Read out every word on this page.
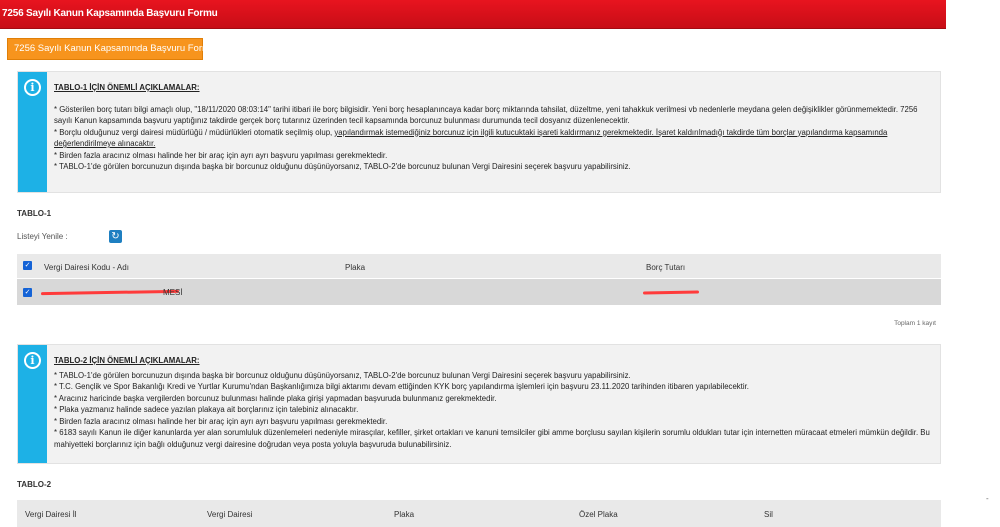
7256 Sayılı Kanun Kapsamında Başvuru Formu
7256 Sayılı Kanun Kapsamında Başvuru Formu
i	TABLO-1 İÇİN ÖNEMLİ AÇIKLAMALAR:

* Gösterilen borç tutarı bilgi amaçlı olup, "18/11/2020 08:03:14" tarihi itibari ile borç bilgisidir. Yeni borç hesaplanıncaya kadar borç miktarında tahsilat, düzeltme, yeni tahakkuk verilmesi vb nedenlerle meydana gelen değişiklikler görünmemektedir. 7256 sayılı Kanun kapsamında başvuru yaptığınız takdirde gerçek borç tutarınız üzerinden tecil kapsamında borcunuz bulunması durumunda tecil dosyanız düzenlenecektir.

* Borçlu olduğunuz vergi dairesi müdürlüğü / müdürlükleri otomatik seçilmiş olup, yapılandırmak istemediğiniz borcunuz için ilgili kutucuktaki işareti kaldırmanız gerekmektedir. İşaret kaldırılmadığı takdirde tüm borçlar yapılandırma kapsamında değerlendirilmeye alınacaktır.

* Birden fazla aracınız olması halinde her bir araç için ayrı ayrı başvuru yapılması gerekmektedir.

* TABLO-1'de görülen borcunuzun dışında başka bir borcunuz olduğunu düşünüyorsanız, TABLO-2'de borcunuz bulunan Vergi Dairesini seçerek başvuru yapabilirsiniz.

TABLO-1
Listeyi Yenile :	↻
✓ Vergi Dairesi Kodu - Adı	Plaka	Borç Tutarı
✓	MESİ
Toplam 1 kayıt
i	TABLO-2 İÇİN ÖNEMLİ AÇIKLAMALAR:

* TABLO-1'de görülen borcunuzun dışında başka bir borcunuz olduğunu düşünüyorsanız, TABLO-2'de borcunuz bulunan Vergi Dairesini seçerek başvuru yapabilirsiniz.

* T.C. Gençlik ve Spor Bakanlığı Kredi ve Yurtlar Kurumu'ndan Başkanlığımıza bilgi aktarımı devam ettiğinden KYK borç yapılandırma işlemleri için başvuru 23.11.2020 tarihinden itibaren yapılabilecektir.

* Aracınız haricinde başka vergilerden borcunuz bulunması halinde plaka girişi yapmadan başvuruda bulunmanız gerekmektedir.

* Plaka yazmanız halinde sadece yazılan plakaya ait borçlarınız için talebiniz alınacaktır.

* Birden fazla aracınız olması halinde her bir araç için ayrı ayrı başvuru yapılması gerekmektedir.

* 6183 sayılı Kanun ile diğer kanunlarda yer alan sorumluluk düzenlemeleri nedeniyle mirasçılar, kefiller, şirket ortakları ve kanuni temsilciler gibi amme borçlusu sayılan kişilerin sorumlu oldukları tutar için internetten müracaat etmeleri mümkün değildir. Bu mahiyetteki borçlarınız için bağlı olduğunuz vergi dairesine doğrudan veya posta yoluyla başvuruda bulunabilirsiniz.

TABLO-2
Vergi Dairesi İl	Vergi Dairesi	Plaka	Özel Plaka	Sil
-
